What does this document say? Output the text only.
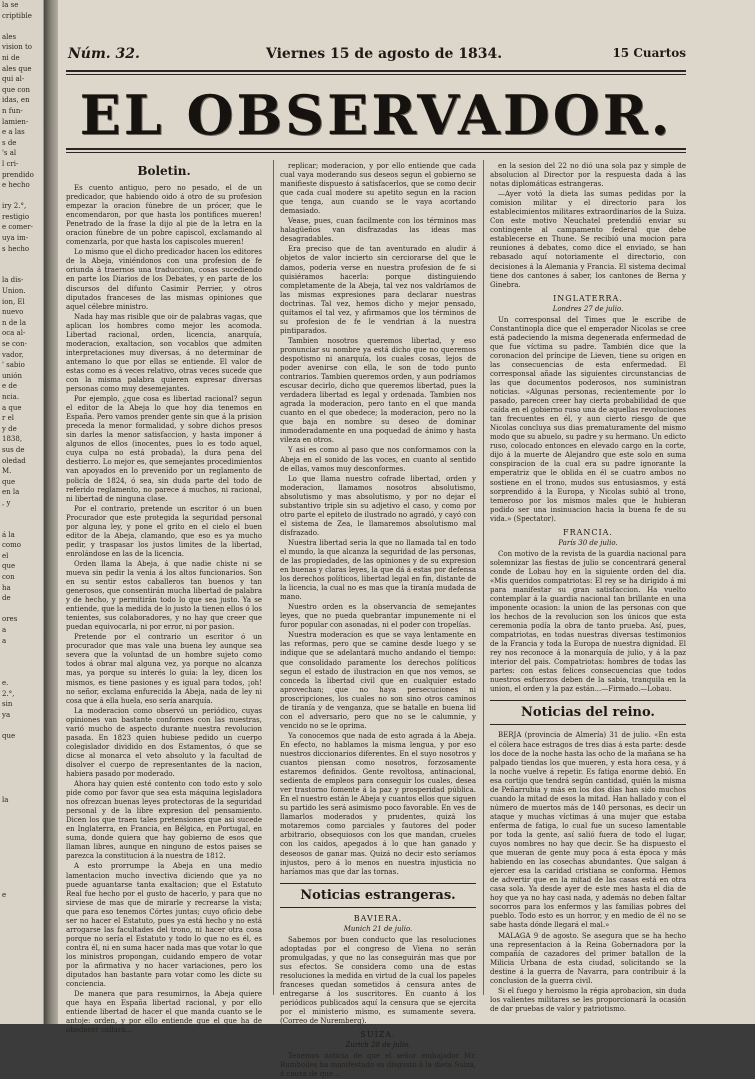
la se
criptible

ales
vision to
ni de
ales que
qui al-
que con
idas, en
n fun-
lamien-
e a las
s de
's al
l cri-
prendido
e hecho

iry 2.°,
restigio
e comer-
uya im-
s hecho

la dis-
Union.
ion, El
nuevo
n de la
oca al-
se con-
vador,
' sabio
unión
e de
ncia.
a que
r el
y de
1838,
sus de
oledad
M.
que
en la
, y

á la
como
el
que
con
ha
de

ores
a
a

e.
2.°,
sin
ya

que

la

e

Núm. 32.	Viernes 15 de agosto de 1834.	15 Cuartos
EL OBSERVADOR.
Boletin.

Es cuento antiguo, pero no pesado, el de un predicador, que habiendo oido á otro de su profesion empezar la oracion fúnebre de un prócer, que le encomendaron, por que hasta los pontifices mueren! Penetrado de la frase la dijo al pie de la letra en la oracion fúnebre de un pobre capiscol, exclamando al comenzarla, por que hasta los capiscoles mueren!

Lo mismo que el dicho predicador hacen los editores de la Abeja, viniéndonos con una profesion de fe oriunda á traernos una traduccion, cosas sucediendo en parte los Diarios de los Debates, y en parte de los discursos del difunto Casimir Perrier, y otros diputados franceses de las mismas opiniones que aquel célebre ministro.

Nada hay mas risible que oir de palabras vagas, que aplican los hombres como mejor les acomoda. Libertad racional, orden, licencia, anarquía, moderacion, exaltacion, son vocablos que admiten interpretaciones muy diversas, á no determinar de antemano lo que por ellas se entiende. El valor de estas como es á veces relativo, otras veces sucede que con la misma palabra quieren expresar diversas personas como muy desemejantes.

Por ejemplo, ¿que cosa es libertad racional? segun el editor de la Abeja lo que hoy dia tenemos en España. Pero vamos prender gente sin que á la prision preceda la menor formalidad, y sobre dichos presos sin darles la menor satisfaccion, y hasta imponer á algunos de ellos (inocentes, pues lo es todo aquel, cuya culpa no está probada), la dura pena del destierro. Lo mejor es, que semejantes procedimientos van apoyados en lo prevenido por un reglamento de policía de 1824, ó sea, sin duda parte del todo de referido reglamento, no parece á muchos, ni racional, ni libertad de ninguna clase.

Por el contrario, pretende un escritor ó un buen Procurador que este protegida la seguridad personal por alguna ley, y pone el grito en el cielo el buen editor de la Abeja, clamando, que eso es ya mucho pedir, y traspasar los justos limites de la libertad, enrolándose en las de la licencia.

Orden llama la Abeja, á que nadie chiste ni se mueva sin pedir la venia á los altos funcionarios. Son en su sentir estos caballeros tan buenos y tan generosos, que consentirán mucha libertad de palabra y de hecho, y permitirán todo lo que sea justo. Ya se entiende, que la medida de lo justo la tienen ellos ó los tenientes, sus colaboradores, y no hay que creer que puedan equivocarla, ni por error, ni por pasion.

Pretende por el contrario un escritor ó un procurador que mas vale una buena ley aunque sea severa que la voluntad de un hombre sujeto como todos á obrar mal alguna vez, ya porque no alcanza mas, ya porque su interés lo guia: la ley, dicen los mismos, es tiene pasiones y es igual para todos, ¡oh! no señor, exclama enfurecida la Abeja, nada de ley ni cosa que á ella huela, eso sería anarquía.

La moderacion como observó un periódico, cuyas opiniones van bastante conformes con las nuestras, varió mucho de aspecto durante nuestra revolucion pasada. En 1823 quien hubiese pedido un cuerpo colegislador dividido en dos Estamentos, ó que se dicse al monarca el veto absoluto y la facultad de disolver el cuerpo de representantes de la nacion, habiera pasado por moderado.

Ahora hay quien esté contento con todo esto y solo pide como por favor que sea esta máquina legisladora nos ofrezcan buenas leyes protectoras de la seguridad personal y de la libre expresion del pensamiento. Dicen los que traen tales pretensiones que asi sucede en Inglaterra, en Francia, en Bélgica, en Portugal, en suma, donde quiera que hay gobierno de esos que llaman libres, aunque en ninguno de estos paises se parezca la constitucion á la nuestra de 1812.

A esto prorrumpe la Abeja en una medio lamentacion mucho invectiva diciendo que ya no puede aguantarse tanta exaltacion; que el Estatuto Real fue hecho por el gusto de hacerlo, y para que no sirviese de mas que de mirarle y recrearse la vista; que para eso tenemos Córtes juntas; cuyo oficio debe ser no hacer el Estatuto, pues ya está hecho y no está arrogarse las facultades del trono, ni hacer otra cosa porque no sería el Estatuto y todo lo que no es él, es contra él, ni en suma hacer nada mas que votar lo que los ministros propongan, cuidando empero de votar por la afirmativa y no hacer variaciones, pero los diputados han bastante para votar como les dicte su conciencia.

De manera que para resumirnos, la Abeja quiere que haya en España libertad racional, y por ello entiende libertad de hacer el que manda cuanto se le antoje: orden, y por ello entiende que el que ha de obedecer callará...

replicar; moderacion, y por ello entiende que cada cual vaya moderando sus deseos segun el gobierno se manifieste dispuesto á satisfacerlos, que se como decir que cada cual modere su apetito segun en la racion que tenga, aun cuando se le vaya acortando demasiado.

Vease, pues, cuan facilmente con los términos mas halagüeños van disfrazadas las ideas mas desagradables.

Era preciso que de tan aventurado en aludir á objetos de valor incierto sin cerciorarse del que le damos, poderia verse en nuestra profesion de fe si quisiéramos hacerla: porque distinguiendo completamente de la Abeja, tal vez nos valdríamos de las mismas expresiones para declarar nuestras doctrinas. Tal vez, hemos dicho y mejor pensado, quitamos el tal vez, y afirmamos que los términos de su profesion de fe le vendrian á la nuestra pintiparados.

Tambien nosotros queremos libertad, y eso pronunciar su nombre ya está dicho que no queremos despotismo ni anarquía, los cuales cosas, lejos de poder avenirse con ella, le son de todo punto contrarios. Tambien queremos orden, y aun podríamos escusar decirlo, dicho que queremos libertad, pues la verdadera libertad es legal y ordenada. Tambien nos agrada la moderacion, pero tanto en el que manda cuanto en el que obedece; la moderacion, pero no la que baja en nombre su deseo de dominar inmoderadamente en una poquedad de ánimo y hasta vileza en otros.

Y asi es como al paso que nos conformamos con la Abeja en el sonido de las voces, en cuanto al sentido de ellas, vamos muy desconformes.

Lo que llama nuestro cofrade libertad, orden y moderacion, llamamos nosotros absolutismo, absolutismo y mas absolutismo, y por no dejar el substantivo triple sin su adjetivo el caso, y como por otro parte el epiteto de ilustrado no agradó, y cayó con el sistema de Zea, le llamaremos absolutismo mal disfrazado.

Nuestra libertad seria la que no llamada tal en todo el mundo, la que alcanza la seguridad de las personas, de las propiedades, de las opiniones y de su expresion en buenas y claras leyes, la que dá á estas por defensa los derechos políticos, libertad legal en fin, distante de la licencia, la cual no es mas que la tiranía mudada de mano.

Nuestro orden es la observancia de semejantes leyes, que no pueda quebrantar impunemente ni el furor popular con asonadas, ni el poder con tropelías.

Nuestra moderacion es que se vaya lentamente en las reformas, pero que se camine desde luego y se indique que se adelantará mucho andando el tiempo: que consolidado paramente los derechos políticos segun el estado de ilustracion en que nos vemos, se conceda la libertad civil que en cualquier estado aprovechan; que no haya persecuciones ni proscripciones, los cuales no son sino otros caminos de tiranía y de venganza, que se batalle en buena lid con el adversario, pero que no se le calumnie, y vencido no se le oprima.

Ya conocemos que nada de esto agrada á la Abeja. En efecto, no hablamos la misma lengua, y por eso nuestros diccionarios diferentes. En el suyo nosotros y cuantos piensan como nosotros, forzosamente estaremos definidos. Gente revoltosa, antinacional, sedienta de empleos para conseguir los cuales, desea ver trastorno fomente á la paz y prosperidad pública. En el nuestro están le Abeja y cuantos ellos que siguen su partido les será asimismo poco favorable. En ves de llamarlos moderados y prudentes, quizá los motaremos como parciales y fautores del poder arbitrario, obsequiosos con los que mandan, crueles con los caidos, apegados á lo que han ganado y deseosos de ganar mas. Quizá no decir esto seríamos injustos, pero á lo menos en nuestra injusticia no haríamos mas que dar las tornas.

Noticias estrangeras.
BAVIERA.
Munich 21 de julio.

Sabemos por buen conducto que las resoluciones adoptadas por el congreso de Viena no serán promulgadas, y que no las conseguirán mas que por sus efectos. Se considera como una de estas resoluciones la medida en virtud de la cual los papeles franceses quedan sometidos á censura antes de entregarse á los suscritores. En cuanto á los periódicos publicados aquí la censura que se ejercita por el ministerio mismo, es sumamente severa. (Correo de Nuremberg).

SUIZA.
Zurich 28 de julio.

Tenemos noticia de que el señor embajador Mr. Rumbolles ha manifestado su disgusto á la dieta Suiza, á causa de que...

en la sesion del 22 no dió una sola paz y simple de absolucion al Director por la respuesta dada á las notas diplomáticas estrangeras.

—Ayer votó la dieta las sumas pedidas por la comision militar y el directorio para los establecimientos militares extraordinarios de la Suiza. Con este motivo Neuchatel pretendió enviar su contingente al campamento federal que debe establecerse en Thune. Se recibió una mocion para reuniones á debates, como dice el enviado, se han rebasado aquí notoriamente el directorio, con decisiones á la Alemania y Francia. El sistema decimal tiene dos cantones á saber, los cantones de Berna y Ginebra.

INGLATERRA.
Londres 27 de julio.

Un corresponsal del Times que le escribe de Constantinopla dice que el emperador Nicolas se cree está padeciendo la misma degenerada enfermedad de que fue víctima su padre. También dice que la coronacion del príncipe de Lieven, tiene su origen en las consecuencias de esta enfermedad. El corresponsal añade las siguientes circunstancias de las que documentos poderosos, nos suministran noticias. «Algunas personas, recientemente por lo pasado, parecen creer hay cierta probabilidad de que caída en el gobierno ruso una de aquellas revoluciones tan frecuentes en él, y aun cierto riesgo de que Nicolas concluya sus dias prematuramente del mismo modo que su abuelo, su padre y su hermano. Un edicto ruso, colocado entonces en elevado cargo en la corte, dijo á la muerte de Alejandro que este solo en suma conspiracion de la cual era su padre ignorante la emperatriz que le oblida en él se cuatro ambos no sostiene en el trono, mudos sus entusiasmos, y está sorprendido á la Europa, y Nicolas subió al trono, temeroso por los mismos males que le hubieran podido ser una insinuacion hacia la buena fe de su vida.» (Spectator).

FRANCIA.
París 30 de julio.

Con motivo de la revista de la guardia nacional para solemnizar las fiestas de julio se concentrará general conde de Lobau hoy en la siguiente orden del dia. «Mis queridos compatriotas: El rey se ha dirigido á mi para manifestar su gran satisfaccion. Ha vuelto contemplar á la guardia nacional tan brillante en una imponente ocasion: la union de las personas con que los hechos de la revolucion son los únicos que esta ceremonia podía la obra de tanto prueba. Así, pues, compatriotas, en todas nuestras diversas testimonios de la Francia y toda la Europa de nuestra dignidad. El rey nos reconoce á la monarquía de julio, y á la paz interior del pais. Compatriotas: hombres de todas las partes: con estas felices consecuencias que todos nuestros esfuerzos deben de la sabia, tranquila en la union, el orden y la paz están...—Firmado.—Lobau.

Noticias del reino.

BERJA (provincia de Almería) 31 de julio. «En esta el cólera hace estragos de tres dias á esta parte: desde los doce de la noche hasta las ocho de la mañana se ha palpado tiendas los que mueren, y esta hora cesa, y á la noche vuelve á repetir. Es fatiga enorme debió. En esa cortijo que tendrá según cantidad, quién la misma de Peñarrubia y más en los dos días han sido muchos cuando la mitad de esos la mitad. Han hallado y con el número de muertos más de 140 personas, es decir un ataque y muchas víctimas á una mujer que estaba enferma de fatiga, lo cual fue un suceso lamentable por toda la gente, así salió fuera de todo el lugar, cuyos nombres no hay que decir. Se ha dispuesto el que mueran de gente muy poca á esta época y más habiendo en las cosechas abundantes. Que salgan á ejercer esa la caridad cristiana se conforma. Hemos de advertir que en la mitad de las casas está en otra casa sola. Ya desde ayer de este mes hasta el dia de hoy que ya no hay casi nada, y además no deben faltar socorros para los enfermos y las familias pobres del pueblo. Todo esto es un horror, y en medio de él no se sabe hasta dónde llegará el mal.»

MALAGA 9 de agosto. Se asegura que se ha hecho una representacion á la Reina Gobernadora por la compañía de cazadores del primer batallon de la Milicia Urbana de esta ciudad, solicitando se la destine á la guerra de Navarra, para contribuir á la conclusion de la guerra civil.

Si el fuego y heroismo la régia aprobacion, sin duda los valientes militares se les proporcionará la ocasión de dar pruebas de valor y patriotismo.
